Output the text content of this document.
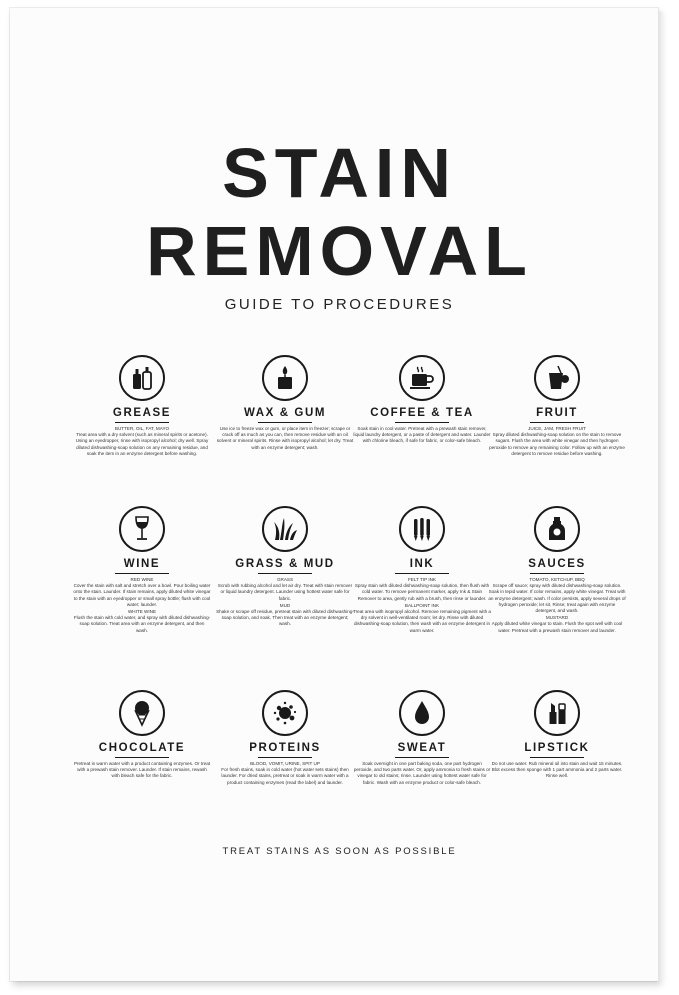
STAIN
REMOVAL
GUIDE TO PROCEDURES
GREASE
BUTTER, OIL, FAT, MAYO
Treat area with a dry solvent (such as mineral spirits or acetone). Using an eyedropper, rinse with isopropyl alcohol; dry well. Spray diluted dishwashing-soap solution on any remaining residue, and soak the item in an enzyme detergent before washing.
WAX & GUM
Use ice to freeze wax or gum, or place item in freezer; scrape or crack off as much as you can, then remove residue with an oil solvent or mineral spirits. Rinse with isopropyl alcohol; let dry. Treat with an enzyme detergent; wash.
COFFEE & TEA
Soak stain in cool water. Pretreat with a prewash stain remover, liquid laundry detergent, or a paste of detergent and water. Launder with chlorine bleach, if safe for fabric, or color-safe bleach.
FRUIT
JUICE, JAM, FRESH FRUIT
Spray diluted dishwashing-soap solution on the stain to remove sugars. Flush the area with white vinegar and then hydrogen peroxide to remove any remaining color. Follow up with an enzyme detergent to remove residue before washing.
WINE
RED WINE
Cover the stain with salt and stretch over a bowl. Pour boiling water onto the stain. Launder. If stain remains, apply diluted white vinegar to the stain with an eyedropper or small spray bottle; flush with cool water; launder.
WHITE WINE
Flush the stain with cold water, and spray with diluted dishwashing-soap solution. Treat area with an enzyme detergent, and then wash.
GRASS & MUD
GRASS
Scrub with rubbing alcohol and let air dry. Treat with stain remover or liquid laundry detergent. Launder using hottest water safe for fabric.
MUD
Shake or scrape off residue, pretreat stain with diluted dishwashing-soap solution, and soak. Then treat with an enzyme detergent; wash.
INK
FELT TIP INK
Spray stain with diluted dishwashing-soap solution, then flush with cold water. To remove permanent marker, apply Ink & Stain Remover to area, gently rub with a brush, then rinse or launder.
BALLPOINT INK
Treat area with isopropyl alcohol. Remove remaining pigment with a dry solvent in well-ventilated room; let dry. Rinse with diluted dishwashing-soap solution, then wash with an enzyme detergent in warm water.
SAUCES
TOMATO, KETCHUP, BBQ
Scrape off sauce; spray with diluted dishwashing-soap solution. Soak in tepid water. If color remains, apply white vinegar. Treat with an enzyme detergent; wash. If color persists, apply several drops of hydrogen peroxide; let sit. Rinse; treat again with enzyme detergent, and wash.
MUSTARD
Apply diluted white vinegar to stain. Flush the spot well with cool water. Pretreat with a prewash stain remover and launder.
CHOCOLATE
Pretreat in warm water with a product containing enzymes. Or treat with a prewash stain remover. Launder. If stain remains, rewash with bleach safe for the fabric.
PROTEINS
BLOOD, VOMIT, URINE, SPIT UP
For fresh stains, soak in cold water (hot water sets stains) then launder. For dried stains, pretreat or soak in warm water with a product containing enzymes (read the label) and launder.
SWEAT
Soak overnight in one part baking soda, one part hydrogen peroxide, and two parts water. Or, apply ammonia to fresh stains or vinegar to old stains; rinse. Launder using hottest water safe for fabric. Wash with an enzyme product or color-safe bleach.
LIPSTICK
Do not use water. Rub mineral oil into stain and wait 15 minutes. Blot excess then sponge with 1 part ammonia and 2 parts water. Rinse well.
TREAT STAINS AS SOON AS POSSIBLE
